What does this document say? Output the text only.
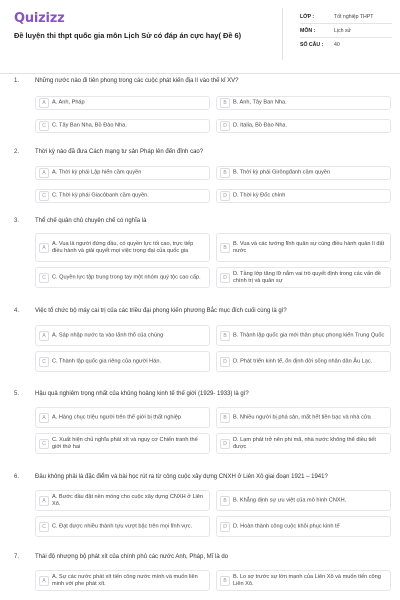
Quizizz
Đề luyện thi thpt quốc gia môn Lịch Sử có đáp án cực hay( Đề 6)
LỚP :	Tốt nghiệp THPT
MÔN :	Lịch sử
SỐ CÂU :	40
1.	Những nước nào đi tiên phong trong các cuộc phát kiến địa lí vào thế kỉ XV?
A	A. Anh, Pháp	B	B. Anh, Tây Ban Nha.
C	C. Tây Ban Nha, Bồ Đào Nha.	D	D. Italia, Bồ Đào Nha.
2.	Thời kỳ nào đã đưa Cách mạng tư sản Pháp lên đến đỉnh cao?
A	A. Thời kỳ phái Lập hiến cầm quyền	B	B. Thời kỳ phái Girôngđanh cầm quyền
C	C. Thời kỳ phái Giacôbanh cầm quyền.	D	D. Thời kỳ Đốc chính
3.	Thể chế quân chủ chuyên chế có nghĩa là
A
A. Vua là người đứng đầu, có quyền lực tối cao, trực tiếp điều hành và giải quyết mọi việc trọng đại của quốc gia	B
B. Vua và các tướng lĩnh quân sự cùng điều hành quản lí đất nước
C	C. Quyền lực tập trung trong tay một nhóm quý tộc cao cấp.	D
D. Tầng lớp tăng lữ nắm vai trò quyết định trong các vấn đề chính trị và quân sự
4.	Việc tổ chức bộ máy cai trị của các triều đại phong kiến phương Bắc mục đích cuối cùng là gì?
A	A. Sáp nhập nước ta vào lãnh thổ của chúng	B	B. Thành lập quốc gia mới thân phục phong kiến Trung Quốc
C	C. Thành lập quốc gia riêng của người Hán.	D	D. Phát triển kinh tế, ổn định đời sống nhân dân Âu Lạc.
5.	Hậu quả nghiêm trọng nhất của khủng hoảng kinh tế thế giới (1929- 1933) là gì?
A	A. Hàng chục triệu người trên thế giới bị thất nghiệp	B	B. Nhiều người bị phá sản, mất hết tiền bạc và nhà cửa
C
C. Xuất hiện chủ nghĩa phát xít và nguy cơ Chiến tranh thế giới thứ hai	D
D. Lạm phát trở nên phi mã, nhà nước không thể điều tiết được
6.	Đâu không phải là đặc điểm và bài học rút ra từ công cuộc xây dựng CNXH ở Liên Xô giai đoạn 1921 – 1941?
A
A. Bước đầu đặt nền móng cho cuộc xây dựng CNXH ở Liên Xô.	B	B. Khẳng định sự ưu việt của mô hình CNXH.
C	C. Đạt được nhiều thành tựu vượt bậc trên mọi lĩnh vực.	D	D. Hoàn thành công cuộc khôi phục kinh tế
7.	Thái độ nhượng bộ phát xít của chính phủ các nước Anh, Pháp, Mĩ là do
A
A. Sự các nước phát xít tiến công nước mình và muốn liên minh với phe phát xít.	B
B. Lo sợ trước sự lớn mạnh của Liên Xô và muốn tiến công Liên Xô.
